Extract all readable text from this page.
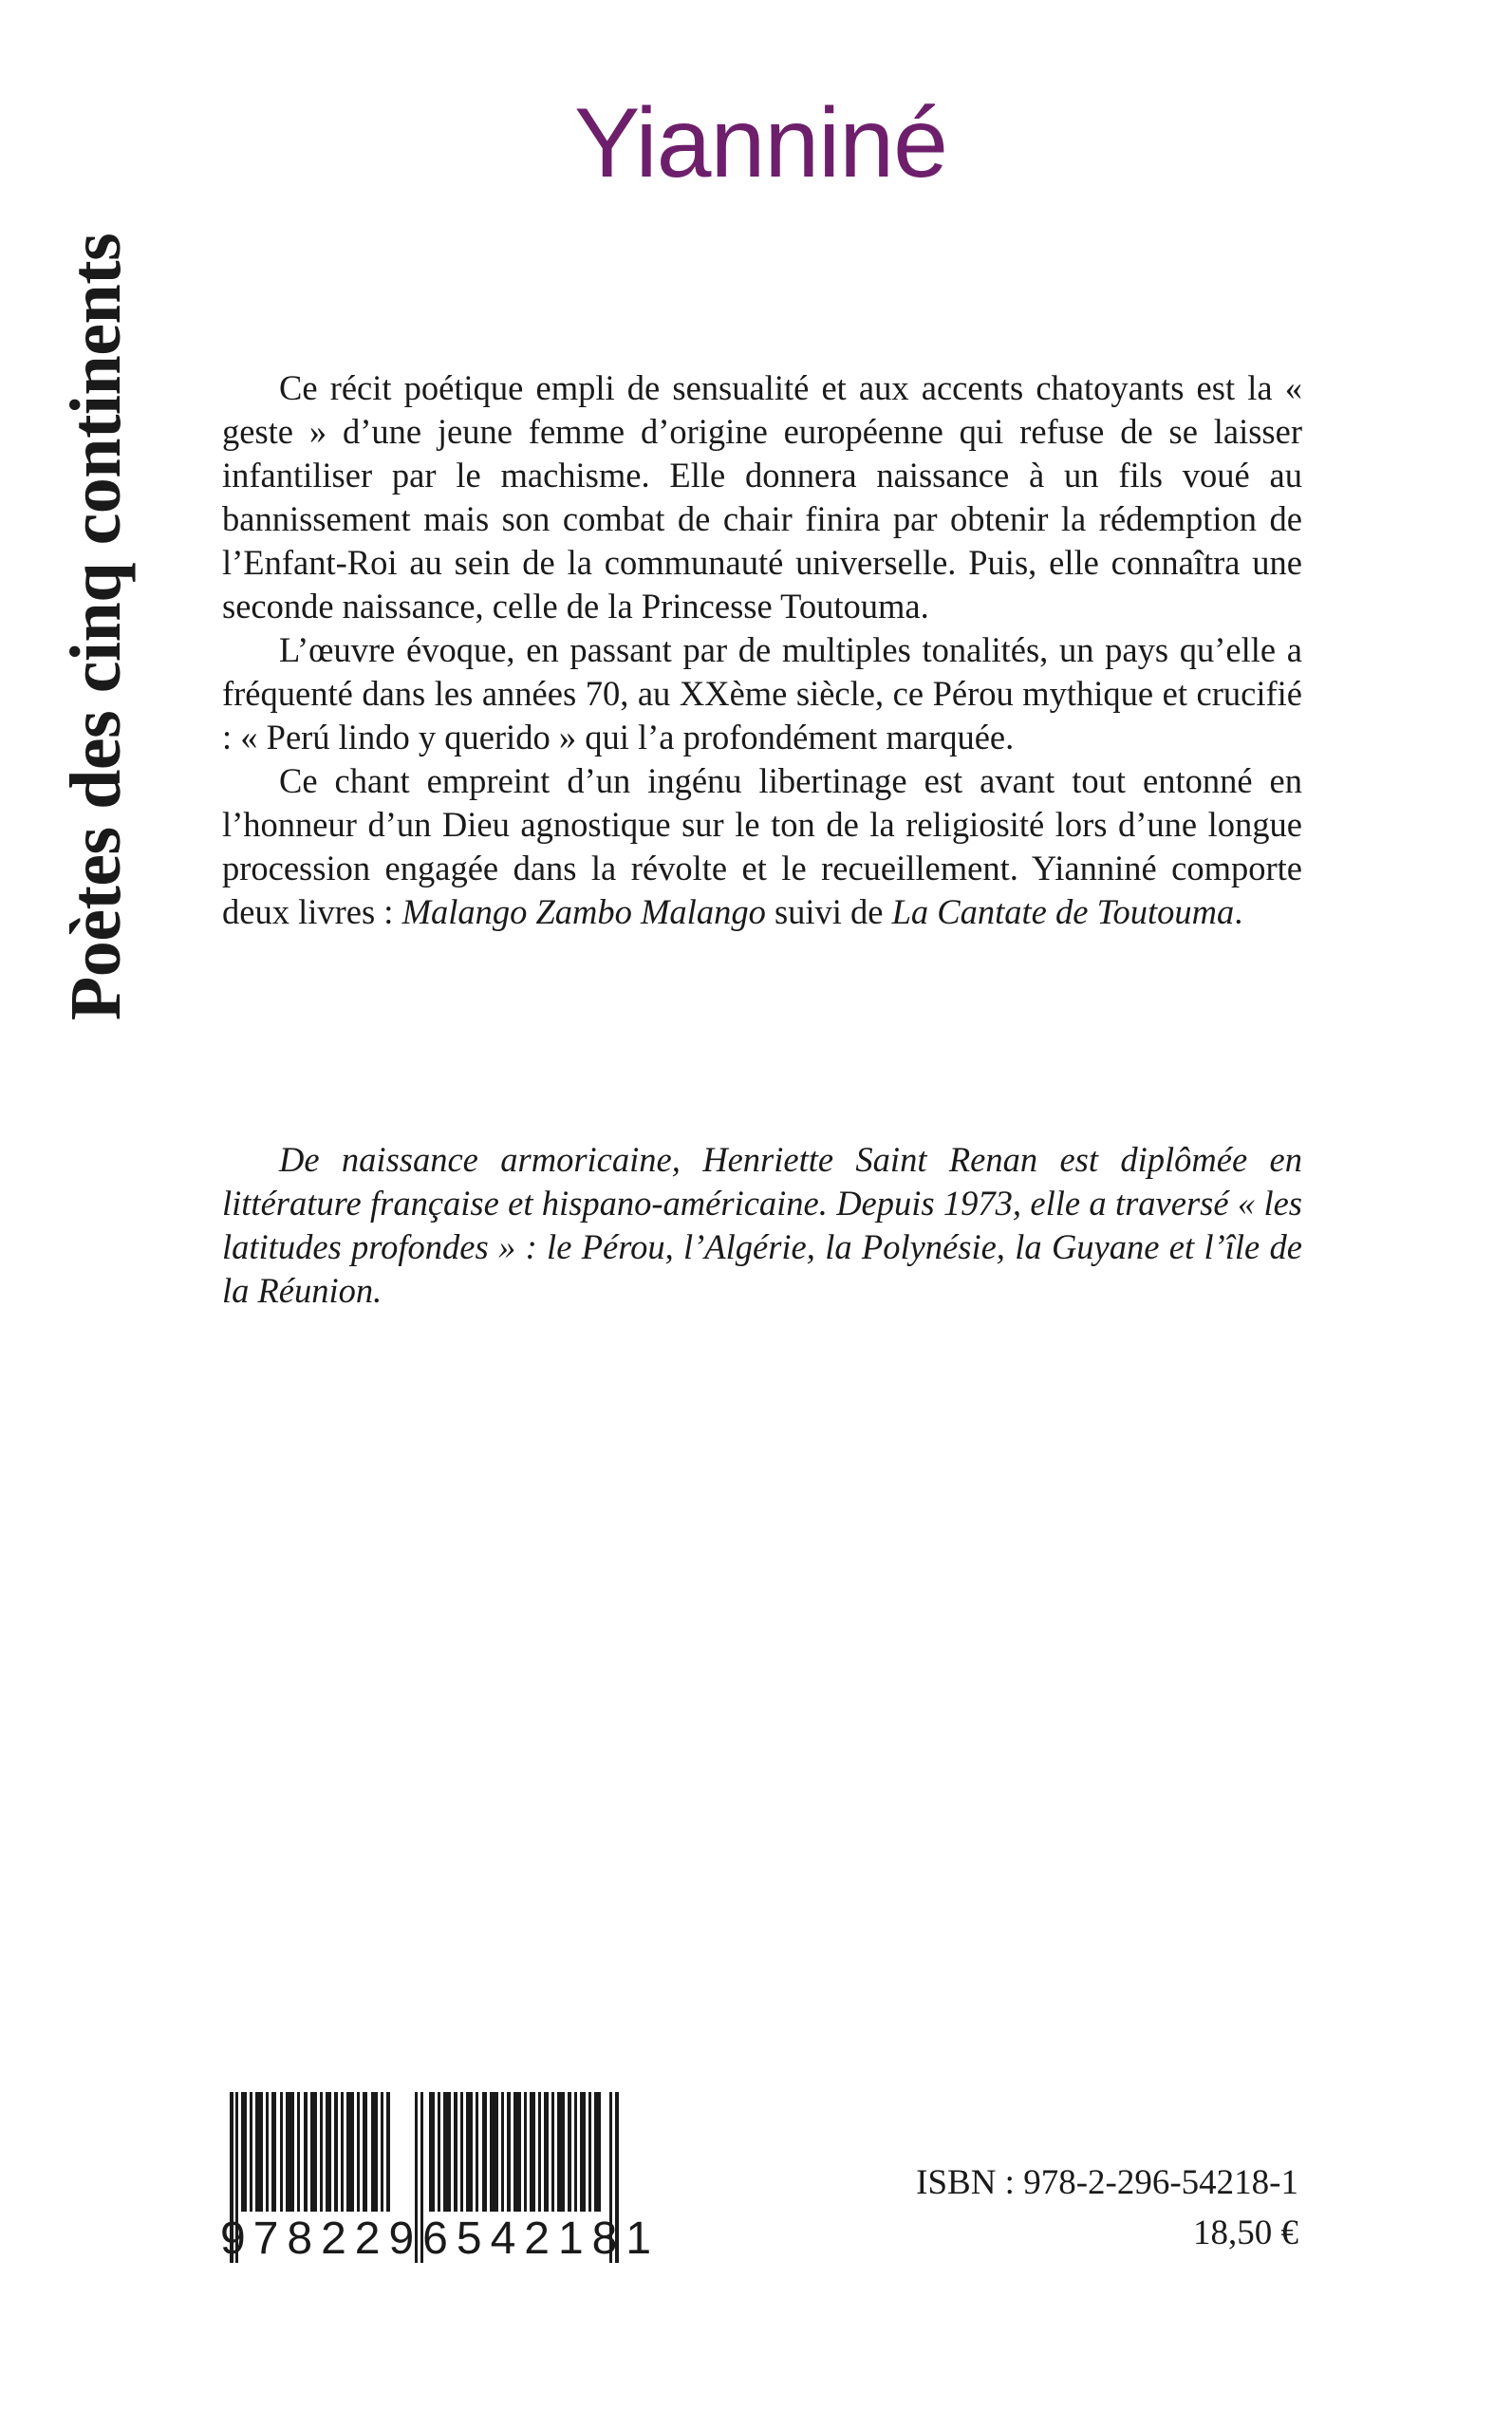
Poètes des cinq continents
Yianniné

Ce récit poétique empli de sensualité et aux accents chatoyants est la « geste » d’une jeune femme d’origine européenne qui refuse de se laisser infantiliser par le machisme. Elle donnera naissance à un fils voué au bannissement mais son combat de chair finira par obtenir la rédemption de l’Enfant-Roi au sein de la communauté universelle. Puis, elle connaîtra une seconde naissance, celle de la Princesse Toutouma.

L’œuvre évoque, en passant par de multiples tonalités, un pays qu’elle a fréquenté dans les années 70, au XXème siècle, ce Pérou mythique et crucifié : « Perú lindo y querido » qui l’a profondément marquée.

Ce chant empreint d’un ingénu libertinage est avant tout entonné en l’honneur d’un Dieu agnostique sur le ton de la religiosité lors d’une longue procession engagée dans la révolte et le recueillement. Yianniné comporte deux livres : Malango Zambo Malango suivi de La Cantate de Toutouma.

De naissance armoricaine, Henriette Saint Renan est diplômée en littérature française et hispano-américaine. Depuis 1973, elle a traversé « les latitudes profondes » : le Pérou, l’Algérie, la Polynésie, la Guyane et l’île de la Réunion.

9 782296 542181
ISBN : 978-2-296-54218-1
18,50 €
